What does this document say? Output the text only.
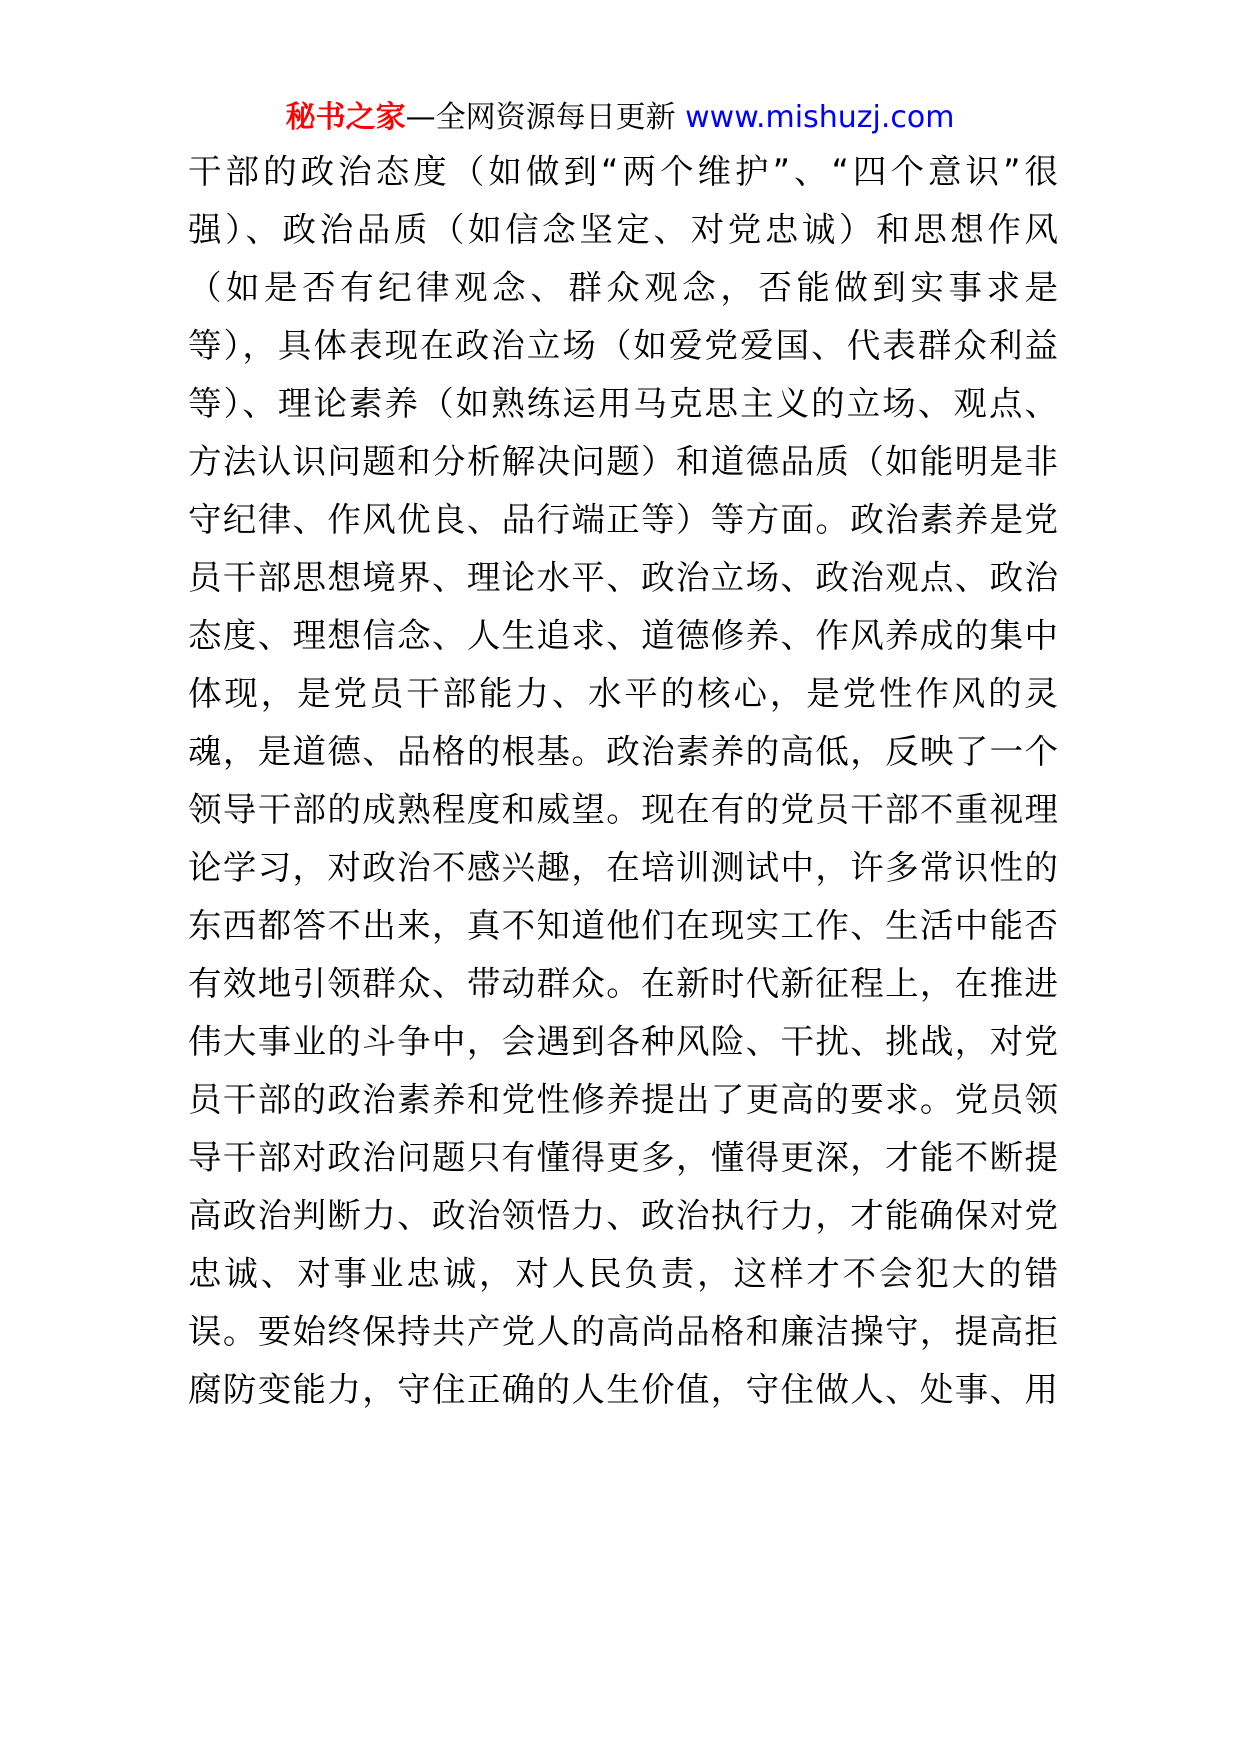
秘书之家—全网资源每日更新 www.mishuzj.com
干部的政治态度（如做到“两个维护”、“四个意识”很
强）、政治品质（如信念坚定、对党忠诚）和思想作风
（如是否有纪律观念、群众观念，否能做到实事求是
等），具体表现在政治立场（如爱党爱国、代表群众利益
等）、理论素养（如熟练运用马克思主义的立场、观点、
方法认识问题和分析解决问题）和道德品质（如能明是非
守纪律、作风优良、品行端正等）等方面。政治素养是党
员干部思想境界、理论水平、政治立场、政治观点、政治
态度、理想信念、人生追求、道德修养、作风养成的集中
体现，是党员干部能力、水平的核心，是党性作风的灵
魂，是道德、品格的根基。政治素养的高低，反映了一个
领导干部的成熟程度和威望。现在有的党员干部不重视理
论学习，对政治不感兴趣，在培训测试中，许多常识性的
东西都答不出来，真不知道他们在现实工作、生活中能否
有效地引领群众、带动群众。在新时代新征程上，在推进
伟大事业的斗争中，会遇到各种风险、干扰、挑战，对党
员干部的政治素养和党性修养提出了更高的要求。党员领
导干部对政治问题只有懂得更多，懂得更深，才能不断提
高政治判断力、政治领悟力、政治执行力，才能确保对党
忠诚、对事业忠诚，对人民负责，这样才不会犯大的错
误。要始终保持共产党人的高尚品格和廉洁操守，提高拒
腐防变能力，守住正确的人生价值，守住做人、处事、用
